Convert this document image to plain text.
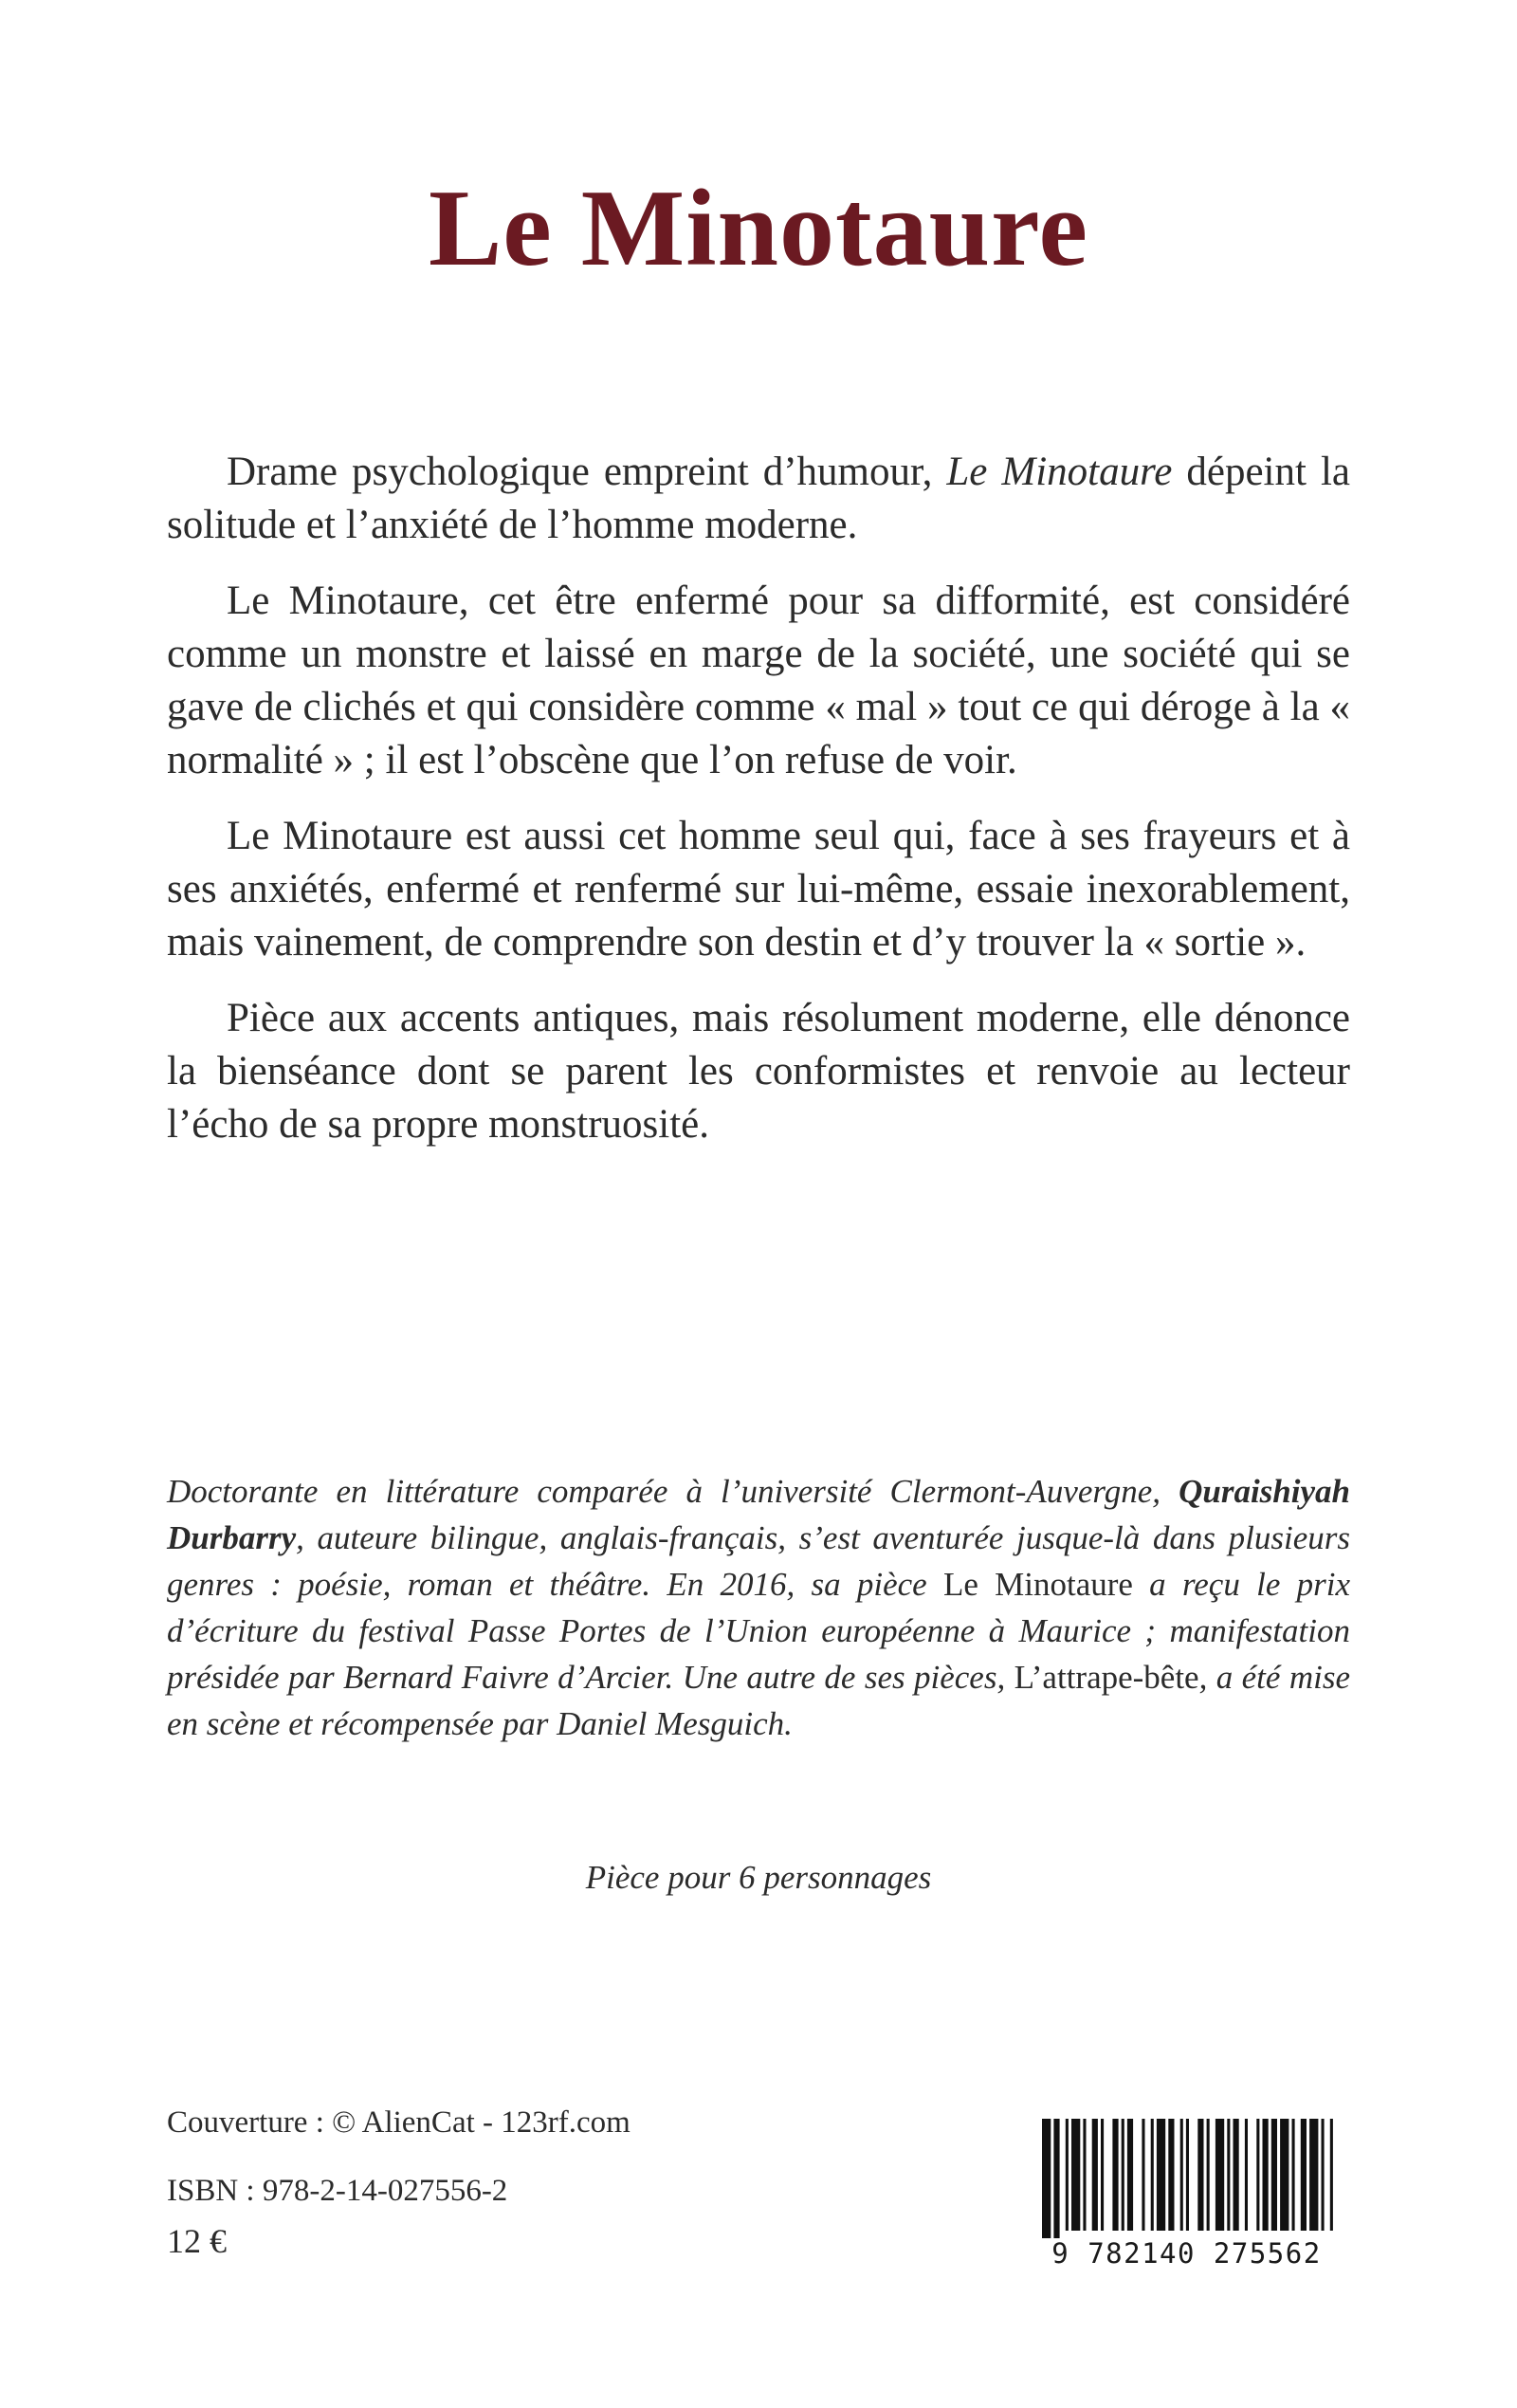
Le Minotaure

Drame psychologique empreint d’humour, Le Minotaure dépeint la solitude et l’anxiété de l’homme moderne.

Le Minotaure, cet être enfermé pour sa difformité, est considéré comme un monstre et laissé en marge de la société, une société qui se gave de clichés et qui considère comme « mal » tout ce qui déroge à la « normalité » ; il est l’obscène que l’on refuse de voir.

Le Minotaure est aussi cet homme seul qui, face à ses frayeurs et à ses anxiétés, enfermé et renfermé sur lui-même, essaie inexorablement, mais vainement, de comprendre son destin et d’y trouver la « sortie ».

Pièce aux accents antiques, mais résolument moderne, elle dénonce la bienséance dont se parent les conformistes et renvoie au lecteur l’écho de sa propre monstruosité.

Doctorante en littérature comparée à l’université Clermont-Auvergne, Quraishiyah Durbarry, auteure bilingue, anglais-français, s’est aventurée jusque-là dans plusieurs genres : poésie, roman et théâtre. En 2016, sa pièce Le Minotaure a reçu le prix d’écriture du festival Passe Portes de l’Union européenne à Maurice ; manifestation présidée par Bernard Faivre d’Arcier. Une autre de ses pièces, L’attrape-bête, a été mise en scène et récompensée par Daniel Mesguich.
Pièce pour 6 personnages
Couverture : © AlienCat - 123rf.com
ISBN : 978-2-14-027556-2
12 €	9 782140 275562
